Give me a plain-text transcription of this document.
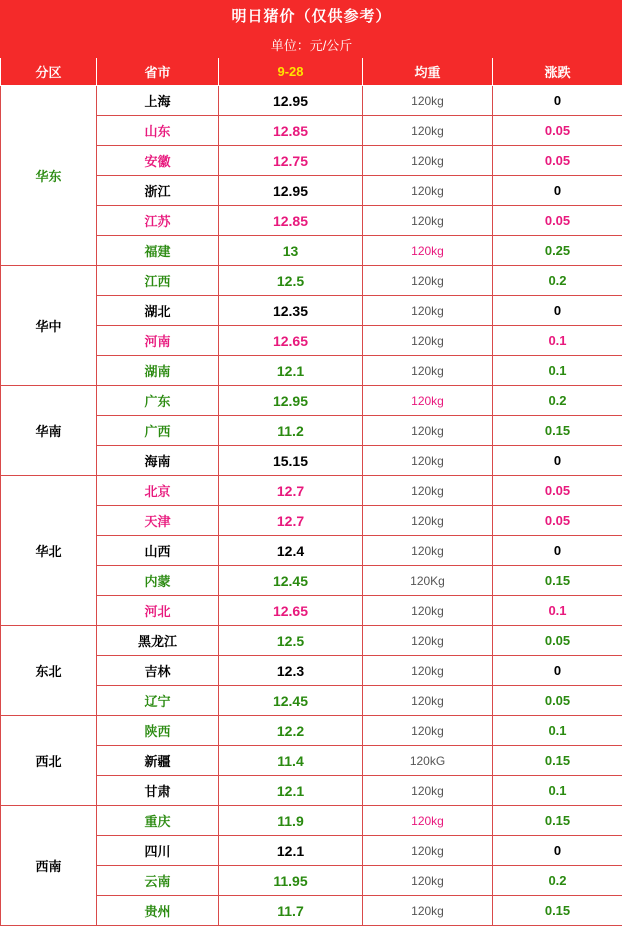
明日猪价（仅供参考）				
单位：元/公斤				
分区	省市	9-28	均重	涨跌
华东	上海	12.95	120kg	0
	山东	12.85	120kg	0.05
	安徽	12.75	120kg	0.05
	浙江	12.95	120kg	0
	江苏	12.85	120kg	0.05
	福建	13	120kg	0.25
华中	江西	12.5	120kg	0.2
	湖北	12.35	120kg	0
	河南	12.65	120kg	0.1
	湖南	12.1	120kg	0.1
华南	广东	12.95	120kg	0.2
	广西	11.2	120kg	0.15
	海南	15.15	120kg	0
华北	北京	12.7	120kg	0.05
	天津	12.7	120kg	0.05
	山西	12.4	120kg	0
	内蒙	12.45	120Kg	0.15
	河北	12.65	120kg	0.1
东北	黑龙江	12.5	120kg	0.05
	吉林	12.3	120kg	0
	辽宁	12.45	120kg	0.05
西北	陕西	12.2	120kg	0.1
	新疆	11.4	120kG	0.15
	甘肃	12.1	120kg	0.1
西南	重庆	11.9	120kg	0.15
	四川	12.1	120kg	0
	云南	11.95	120kg	0.2
	贵州	11.7	120kg	0.15
